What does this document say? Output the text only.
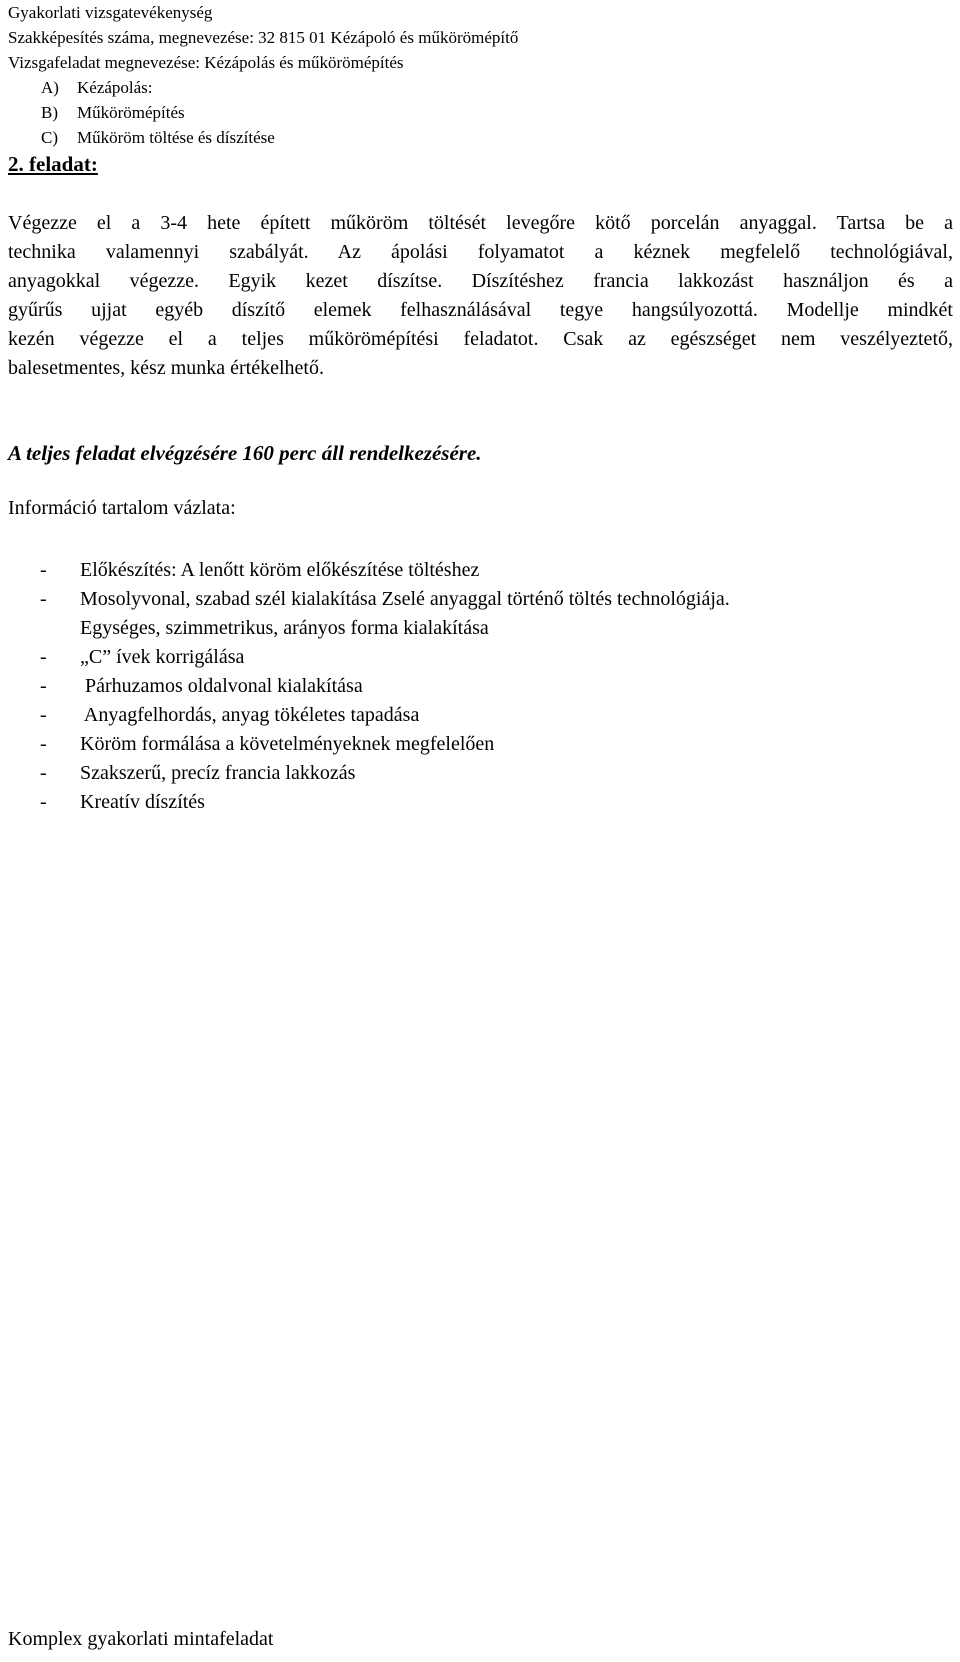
Gyakorlati vizsgatevékenység
Szakképesítés száma, megnevezése: 32 815 01 Kézápoló és műkörömépítő
Vizsgafeladat megnevezése: Kézápolás és műkörömépítés
A) Kézápolás:
B) Műkörömépítés
C) Műköröm töltése és díszítése
2. feladat:
Végezze el a 3-4 hete épített műköröm töltését levegőre kötő porcelán anyaggal. Tartsa be a
technika valamennyi szabályát. Az ápolási folyamatot a kéznek megfelelő technológiával,
anyagokkal végezze. Egyik kezet díszítse. Díszítéshez francia lakkozást használjon és a
gyűrűs ujjat egyéb díszítő elemek felhasználásával tegye hangsúlyozottá. Modellje mindkét
kezén végezze el a teljes műkörömépítési feladatot. Csak az egészséget nem veszélyeztető,
balesetmentes, kész munka értékelhető.
A teljes feladat elvégzésére 160 perc áll rendelkezésére.
Információ tartalom vázlata:
- Előkészítés: A lenőtt köröm előkészítése töltéshez
- Mosolyvonal, szabad szél kialakítása Zselé anyaggal történő töltés technológiája.
Egységes, szimmetrikus, arányos forma kialakítása
- „C” ívek korrigálása
- Párhuzamos oldalvonal kialakítása
- Anyagfelhordás, anyag tökéletes tapadása
- Köröm formálása a követelményeknek megfelelően
- Szakszerű, precíz francia lakkozás
- Kreatív díszítés
Komplex gyakorlati mintafeladat
